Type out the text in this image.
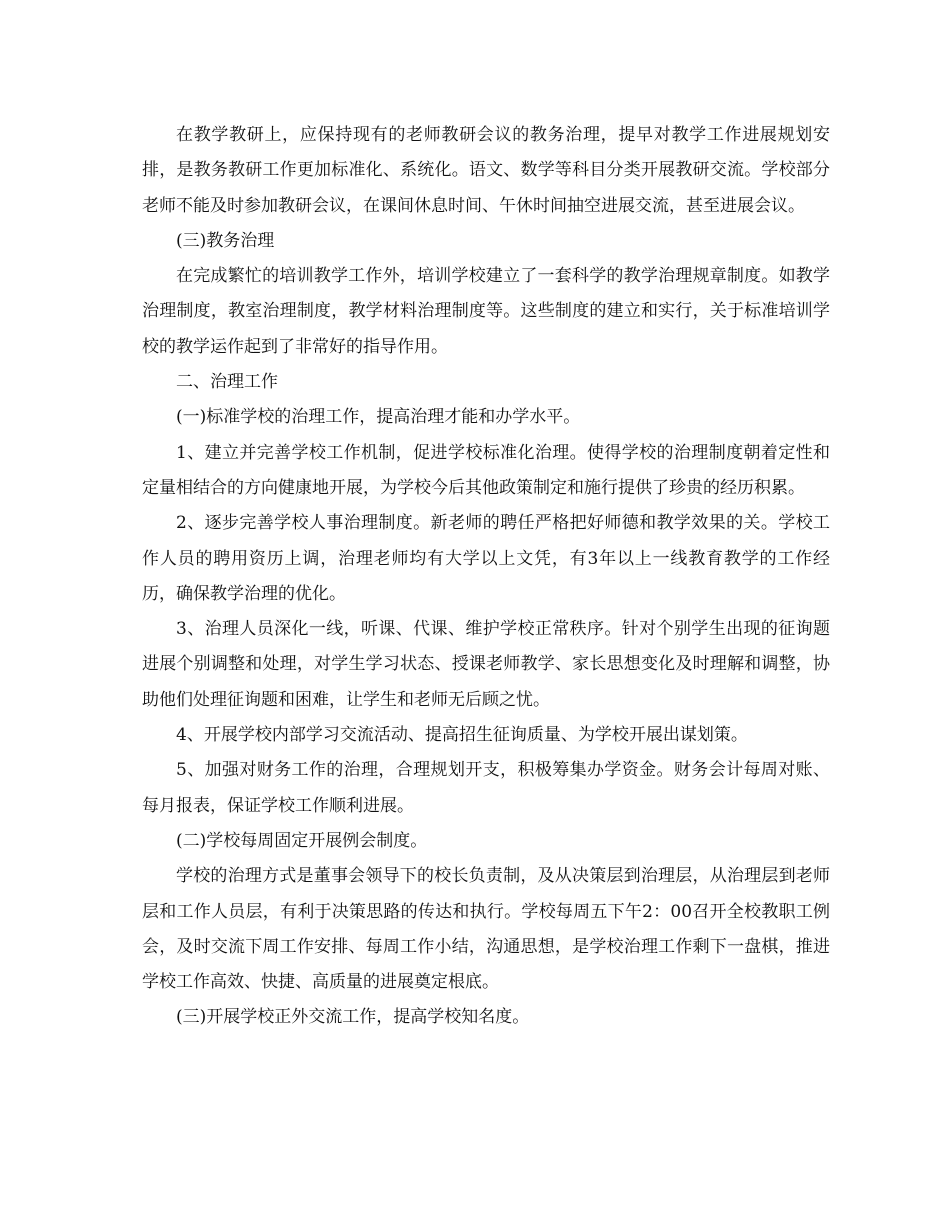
在教学教研上，应保持现有的老师教研会议的教务治理，提早对教学工作进展规划安排，是教务教研工作更加标准化、系统化。语文、数学等科目分类开展教研交流。学校部分老师不能及时参加教研会议，在课间休息时间、午休时间抽空进展交流，甚至进展会议。

(三)教务治理

在完成繁忙的培训教学工作外，培训学校建立了一套科学的教学治理规章制度。如教学治理制度，教室治理制度，教学材料治理制度等。这些制度的建立和实行，关于标准培训学校的教学运作起到了非常好的指导作用。

二、治理工作

(一)标准学校的治理工作，提高治理才能和办学水平。

1、建立并完善学校工作机制，促进学校标准化治理。使得学校的治理制度朝着定性和定量相结合的方向健康地开展，为学校今后其他政策制定和施行提供了珍贵的经历积累。

2、逐步完善学校人事治理制度。新老师的聘任严格把好师德和教学效果的关。学校工作人员的聘用资历上调，治理老师均有大学以上文凭，有3年以上一线教育教学的工作经历，确保教学治理的优化。

3、治理人员深化一线，听课、代课、维护学校正常秩序。针对个别学生出现的征询题进展个别调整和处理，对学生学习状态、授课老师教学、家长思想变化及时理解和调整，协助他们处理征询题和困难，让学生和老师无后顾之忧。

4、开展学校内部学习交流活动、提高招生征询质量、为学校开展出谋划策。

5、加强对财务工作的治理，合理规划开支，积极筹集办学资金。财务会计每周对账、每月报表，保证学校工作顺利进展。

(二)学校每周固定开展例会制度。

学校的治理方式是董事会领导下的校长负责制，及从决策层到治理层，从治理层到老师层和工作人员层，有利于决策思路的传达和执行。学校每周五下午2：00召开全校教职工例会，及时交流下周工作安排、每周工作小结，沟通思想，是学校治理工作剩下一盘棋，推进学校工作高效、快捷、高质量的进展奠定根底。

(三)开展学校正外交流工作，提高学校知名度。
